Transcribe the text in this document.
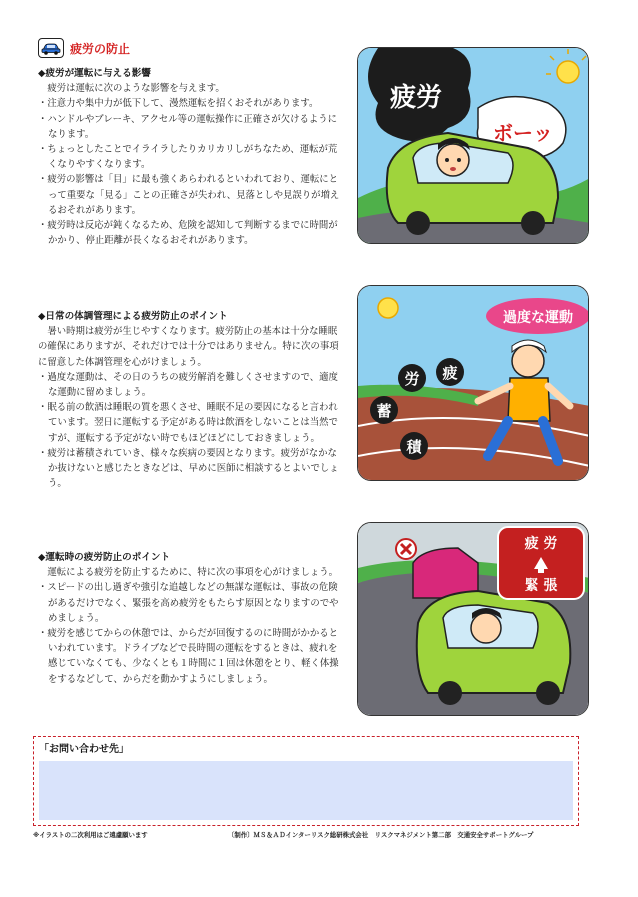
疲労の防止
◆疲労が運転に与える影響
疲労は運転に次のような影響を与えます。
・注意力や集中力が低下して、漫然運転を招くおそれがあります。
・ハンドルやブレーキ、アクセル等の運転操作に正確さが欠けるようになります。
・ちょっとしたことでイライラしたりカリカリしがちなため、運転が荒くなりやすくなります。
・疲労の影響は「目」に最も強くあらわれるといわれており、運転にとって重要な「見る」ことの正確さが失われ、見落としや見誤りが増えるおそれがあります。
・疲労時は反応が鈍くなるため、危険を認知して判断するまでに時間がかかり、停止距離が長くなるおそれがあります。
◆日常の体調管理による疲労防止のポイント
暑い時期は疲労が生じやすくなります。疲労防止の基本は十分な睡眠の確保にありますが、それだけでは十分ではありません。特に次の事項に留意した体調管理を心がけましょう。
・過度な運動は、その日のうちの疲労解消を難しくさせますので、適度な運動に留めましょう。
・眠る前の飲酒は睡眠の質を悪くさせ、睡眠不足の要因になると言われています。翌日に運転する予定がある時は飲酒をしないことは当然ですが、運転する予定がない時でもほどほどにしておきましょう。
・疲労は蓄積されていき、様々な疾病の要因となります。疲労がなかなか抜けないと感じたときなどは、早めに医師に相談するとよいでしょう。
◆運転時の疲労防止のポイント
運転による疲労を防止するために、特に次の事項を心がけましょう。
・スピードの出し過ぎや強引な追越しなどの無謀な運転は、事故の危険があるだけでなく、緊張を高め疲労をもたらす原因となりますのでやめましょう。
・疲労を感じてからの休憩では、からだが回復するのに時間がかかるといわれています。ドライブなどで長時間の運転をするときは、疲れを感じていなくても、少なくとも１時間に１回は休憩をとり、軽く体操をするなどして、からだを動かすようにしましょう。
疲労
ボーッ
過度な運動
労 疲
蓄
積
疲 労
緊 張
「お問い合わせ先」
※イラストの二次利用はご遠慮願います	〔制作〕ＭＳ＆ＡＤインターリスク総研株式会社　リスクマネジメント第二部　交通安全サポートグループ
